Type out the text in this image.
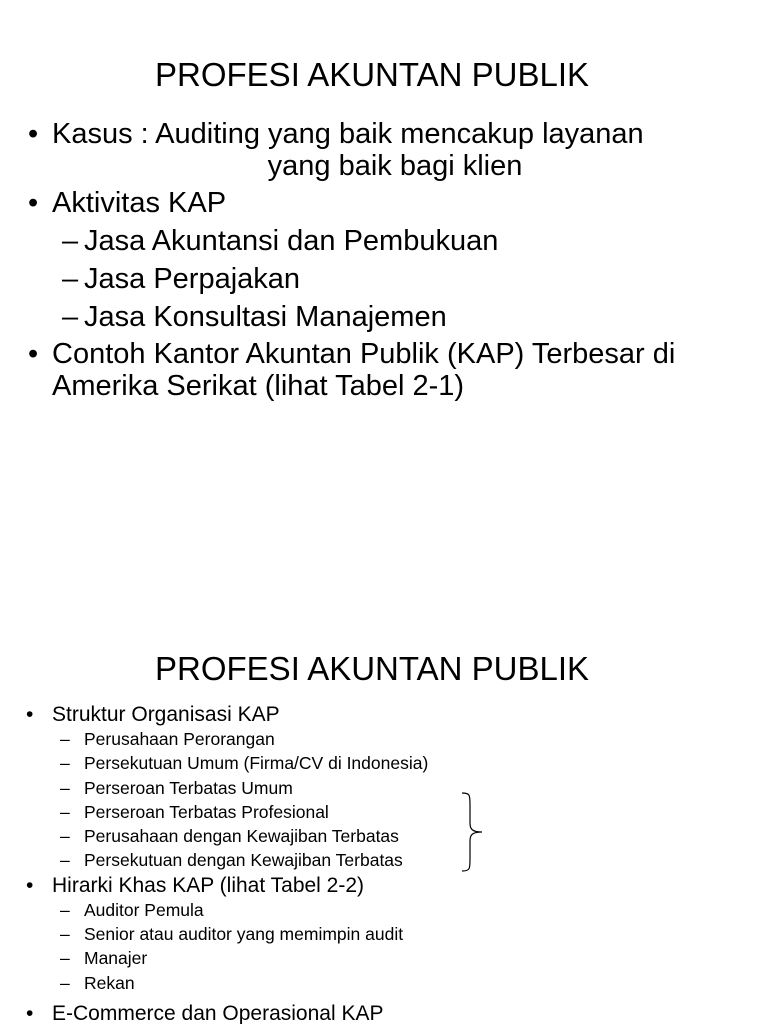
PROFESI AKUNTAN PUBLIK
• Kasus : Auditing yang baik mencakup layanan
yang baik bagi klien
• Aktivitas KAP
– Jasa Akuntansi dan Pembukuan
– Jasa Perpajakan
– Jasa Konsultasi Manajemen
• Contoh Kantor Akuntan Publik (KAP) Terbesar di Amerika Serikat (lihat Tabel 2-1)
PROFESI AKUNTAN PUBLIK
• Struktur Organisasi KAP
– Perusahaan Perorangan
– Persekutuan Umum (Firma/CV di Indonesia)
– Perseroan Terbatas Umum
– Perseroan Terbatas Profesional
– Perusahaan dengan Kewajiban Terbatas
– Persekutuan dengan Kewajiban Terbatas
• Hirarki Khas KAP (lihat Tabel 2-2)
– Auditor Pemula
– Senior atau auditor yang memimpin audit
– Manajer
– Rekan
• E-Commerce dan Operasional KAP
